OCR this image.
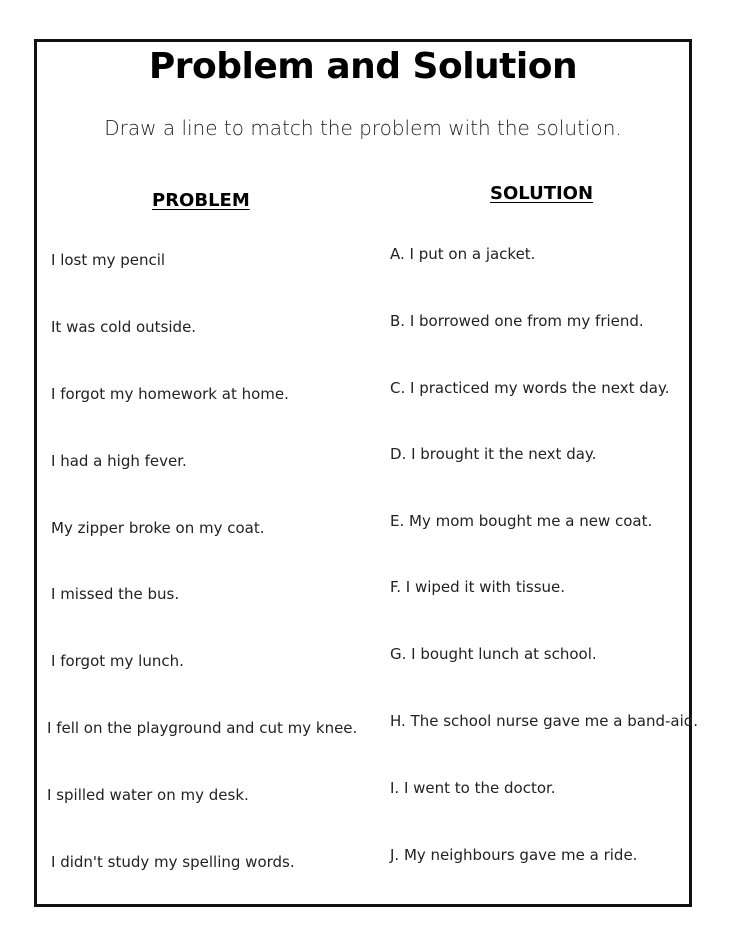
Problem and Solution
Draw a line to match the problem with the solution.
PROBLEM	SOLUTION
I lost my pencil
It was cold outside.
I forgot my homework at home.
I had a high fever.
My zipper broke on my coat.
I missed the bus.
I forgot my lunch.
I fell on the playground and cut my knee.
I spilled water on my desk.
I didn't study my spelling words.
A. I put on a jacket.
B. I borrowed one from my friend.
C. I practiced my words the next day.
D. I brought it the next day.
E. My mom bought me a new coat.
F. I wiped it with tissue.
G. I bought lunch at school.
H. The school nurse gave me a band-aid.
I. I went to the doctor.
J. My neighbours gave me a ride.
